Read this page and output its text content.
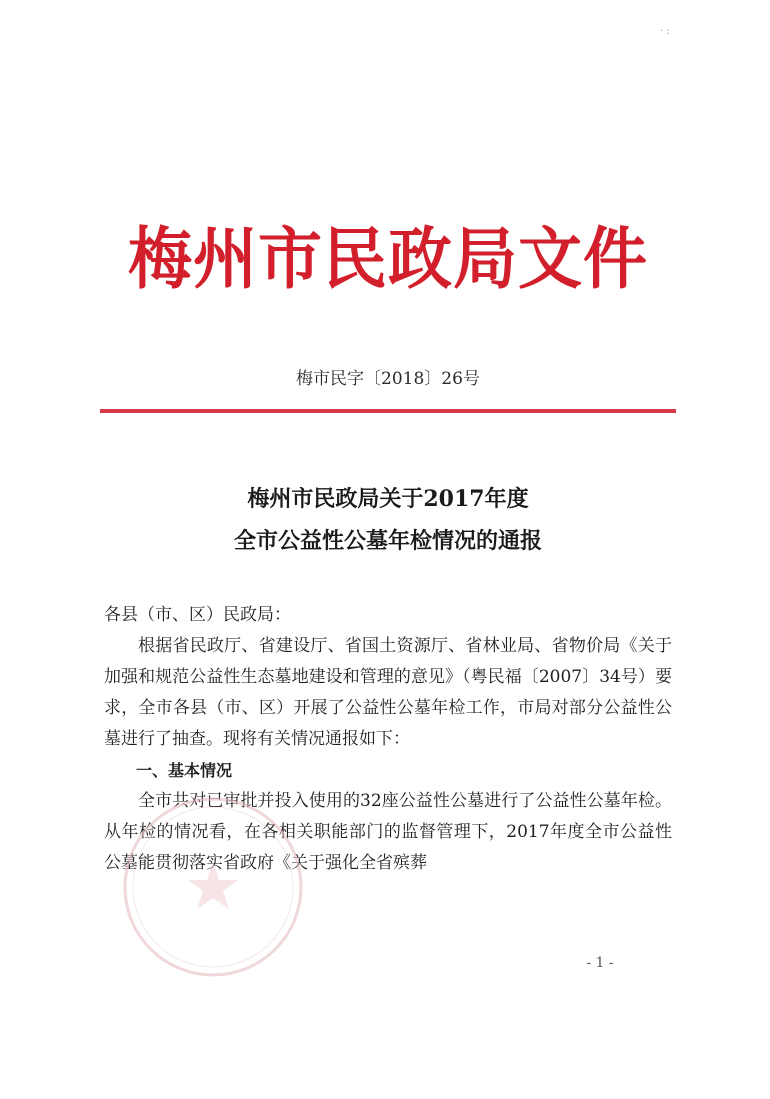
· :
梅州市民政局文件
梅市民字〔2018〕26号
梅州市民政局关于2017年度
全市公益性公墓年检情况的通报

各县（市、区）民政局：

根据省民政厅、省建设厅、省国土资源厅、省林业局、省物价局《关于加强和规范公益性生态墓地建设和管理的意见》（粤民福〔2007〕34号）要求，全市各县（市、区）开展了公益性公墓年检工作，市局对部分公益性公墓进行了抽查。现将有关情况通报如下：

一、基本情况

全市共对已审批并投入使用的32座公益性公墓进行了公益性公墓年检。从年检的情况看，在各相关职能部门的监督管理下，2017年度全市公益性公墓能贯彻落实省政府《关于强化全省殡葬

- 1 -
